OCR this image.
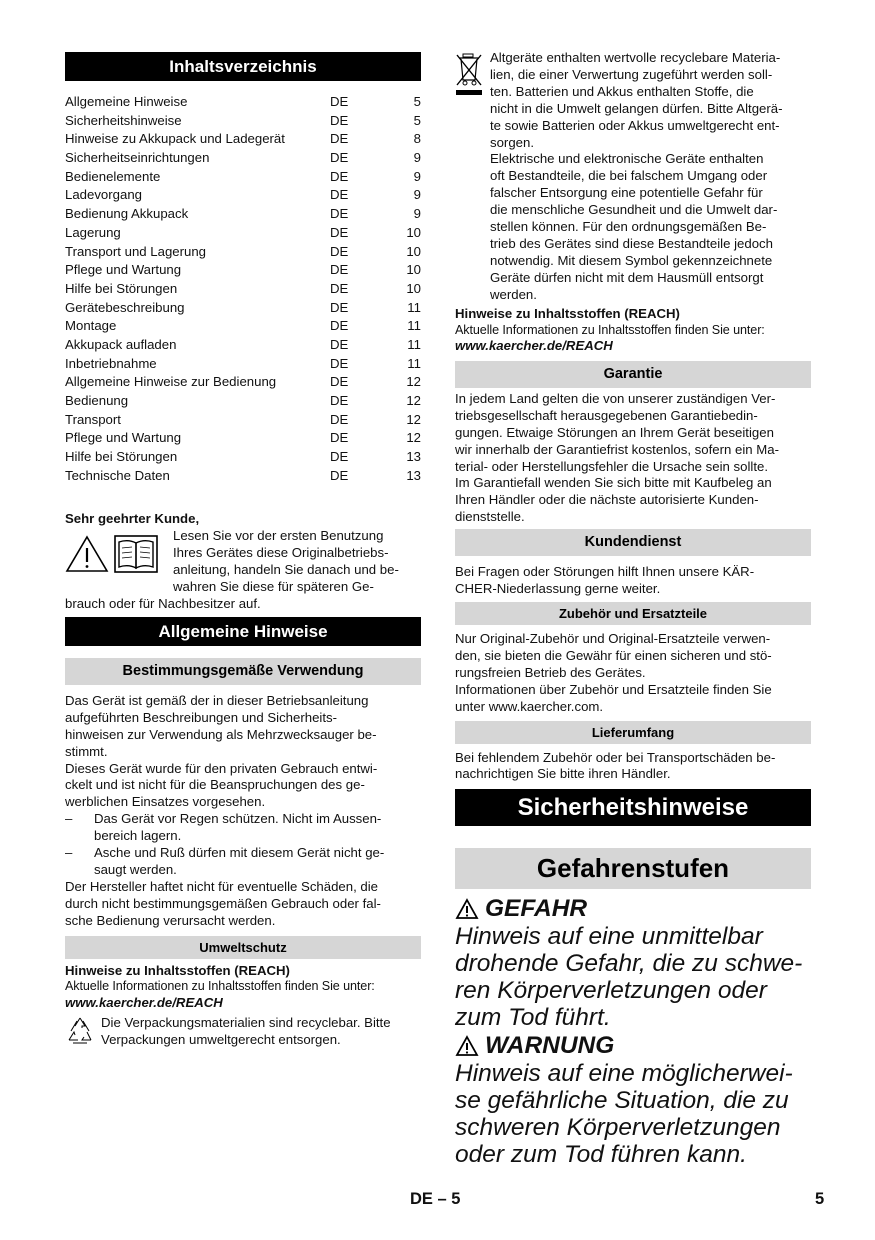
Inhaltsverzeichnis
Allgemeine Hinweise	DE	5
Sicherheitshinweise	DE	5
Hinweise zu Akkupack und Ladegerät	DE	8
Sicherheitseinrichtungen	DE	9
Bedienelemente	DE	9
Ladevorgang	DE	9
Bedienung Akkupack	DE	9
Lagerung	DE	10
Transport und Lagerung	DE	10
Pflege und Wartung	DE	10
Hilfe bei Störungen	DE	10
Gerätebeschreibung	DE	11
Montage	DE	11
Akkupack aufladen	DE	11
Inbetriebnahme	DE	11
Allgemeine Hinweise zur Bedienung	DE	12
Bedienung	DE	12
Transport	DE	12
Pflege und Wartung	DE	12
Hilfe bei Störungen	DE	13
Technische Daten	DE	13

Sehr geehrter Kunde,

Lesen Sie vor der ersten Benutzung

Ihres Gerätes diese Originalbetriebs-

anleitung, handeln Sie danach und be-

wahren Sie diese für späteren Ge-

brauch oder für Nachbesitzer auf.

Allgemeine Hinweise
Bestimmungsgemäße Verwendung

Das Gerät ist gemäß der in dieser Betriebsanleitung

aufgeführten Beschreibungen und Sicherheits-

hinweisen zur Verwendung als Mehrzwecksauger be-

stimmt.

Dieses Gerät wurde für den privaten Gebrauch entwi-

ckelt und ist nicht für die Beanspruchungen des ge-

werblichen Einsatzes vorgesehen.

–	Das Gerät vor Regen schützen. Nicht im Aussen-

bereich lagern.

–	Asche und Ruß dürfen mit diesem Gerät nicht ge-

saugt werden.

Der Hersteller haftet nicht für eventuelle Schäden, die

durch nicht bestimmungsgemäßen Gebrauch oder fal-

sche Bedienung verursacht werden.

Umweltschutz

Hinweise zu Inhaltsstoffen (REACH)

Aktuelle Informationen zu Inhaltsstoffen finden Sie unter:

www.kaercher.de/REACH

Die Verpackungsmaterialien sind recyclebar. Bitte

Verpackungen umweltgerecht entsorgen.

Altgeräte enthalten wertvolle recyclebare Materia-

lien, die einer Verwertung zugeführt werden soll-

ten. Batterien und Akkus enthalten Stoffe, die

nicht in die Umwelt gelangen dürfen. Bitte Altgerä-

te sowie Batterien oder Akkus umweltgerecht ent-

sorgen.

Elektrische und elektronische Geräte enthalten

oft Bestandteile, die bei falschem Umgang oder

falscher Entsorgung eine potentielle Gefahr für

die menschliche Gesundheit und die Umwelt dar-

stellen können. Für den ordnungsgemäßen Be-

trieb des Gerätes sind diese Bestandteile jedoch

notwendig. Mit diesem Symbol gekennzeichnete

Geräte dürfen nicht mit dem Hausmüll entsorgt

werden.

Hinweise zu Inhaltsstoffen (REACH)

Aktuelle Informationen zu Inhaltsstoffen finden Sie unter:

www.kaercher.de/REACH

Garantie

In jedem Land gelten die von unserer zuständigen Ver-

triebsgesellschaft herausgegebenen Garantiebedin-

gungen. Etwaige Störungen an Ihrem Gerät beseitigen

wir innerhalb der Garantiefrist kostenlos, sofern ein Ma-

terial- oder Herstellungsfehler die Ursache sein sollte.

Im Garantiefall wenden Sie sich bitte mit Kaufbeleg an

Ihren Händler oder die nächste autorisierte Kunden-

dienststelle.

Kundendienst

Bei Fragen oder Störungen hilft Ihnen unsere KÄR-

CHER-Niederlassung gerne weiter.

Zubehör und Ersatzteile

Nur Original-Zubehör und Original-Ersatzteile verwen-

den, sie bieten die Gewähr für einen sicheren und stö-

rungsfreien Betrieb des Gerätes.

Informationen über Zubehör und Ersatzteile finden Sie

unter www.kaercher.com.

Lieferumfang

Bei fehlendem Zubehör oder bei Transportschäden be-

nachrichtigen Sie bitte ihren Händler.

Sicherheitshinweise
Gefahrenstufen
GEFAHR

Hinweis auf eine unmittelbar

drohende Gefahr, die zu schwe-

ren Körperverletzungen oder

zum Tod führt.

WARNUNG

Hinweis auf eine möglicherwei-

se gefährliche Situation, die zu

schweren Körperverletzungen

oder zum Tod führen kann.

DE – 5	5
